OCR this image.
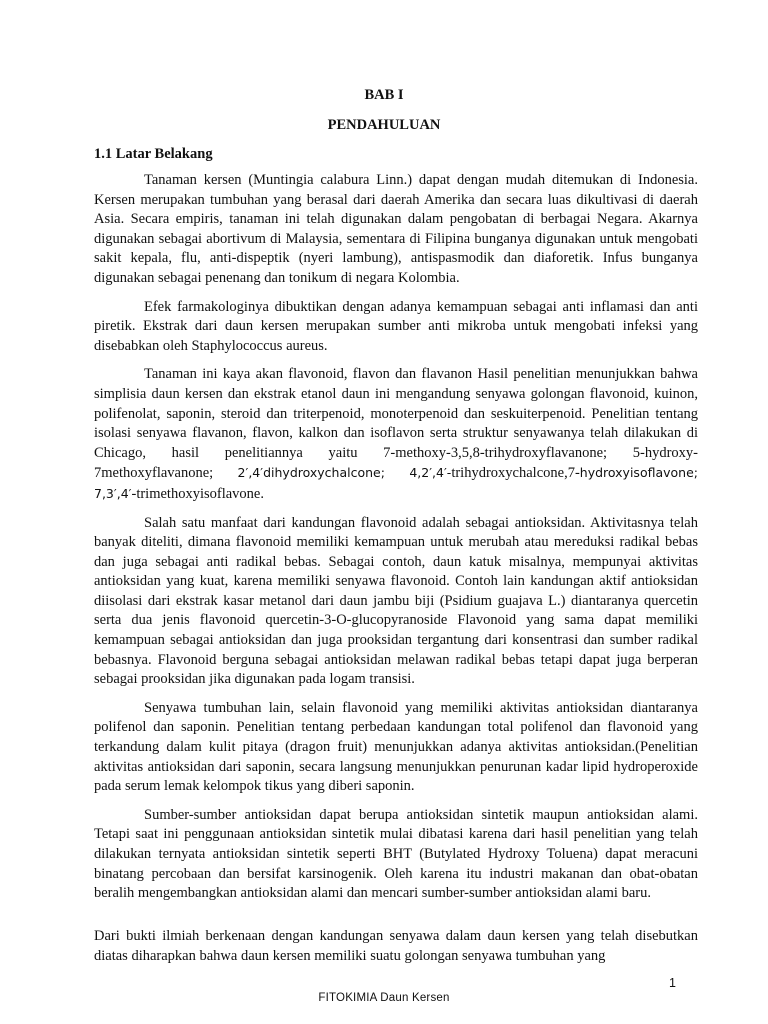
BAB I
PENDAHULUAN
1.1 Latar Belakang

Tanaman kersen (Muntingia calabura Linn.) dapat dengan mudah ditemukan di Indonesia. Kersen merupakan tumbuhan yang berasal dari daerah Amerika dan secara luas dikultivasi di daerah Asia. Secara empiris, tanaman ini telah digunakan dalam pengobatan di berbagai Negara. Akarnya digunakan sebagai abortivum di Malaysia, sementara di Filipina bunganya digunakan untuk mengobati sakit kepala, flu, anti-dispeptik (nyeri lambung), antispasmodik dan diaforetik. Infus bunganya digunakan sebagai penenang dan tonikum di negara Kolombia.

Efek farmakologinya dibuktikan dengan adanya kemampuan sebagai anti inflamasi dan anti piretik. Ekstrak dari daun kersen merupakan sumber anti mikroba untuk mengobati infeksi yang disebabkan oleh Staphylococcus aureus.

Tanaman ini kaya akan flavonoid, flavon dan flavanon Hasil penelitian menunjukkan bahwa simplisia daun kersen dan ekstrak etanol daun ini mengandung senyawa golongan flavonoid, kuinon, polifenolat, saponin, steroid dan triterpenoid, monoterpenoid dan seskuiterpenoid. Penelitian tentang isolasi senyawa flavanon, flavon, kalkon dan isoflavon serta struktur senyawanya telah dilakukan di Chicago, hasil penelitiannya yaitu 7-methoxy-3,5,8-trihydroxyflavanone; 5-hydroxy-7methoxyflavanone; 2′,4′dihydroxychalcone; 4,2′,4′-trihydroxychalcone,7-hydroxyisoflavone; 7,3′,4′-trimethoxyisoflavone.

Salah satu manfaat dari kandungan flavonoid adalah sebagai antioksidan. Aktivitasnya telah banyak diteliti, dimana flavonoid memiliki kemampuan untuk merubah atau mereduksi radikal bebas dan juga sebagai anti radikal bebas. Sebagai contoh, daun katuk misalnya, mempunyai aktivitas antioksidan yang kuat, karena memiliki senyawa flavonoid. Contoh lain kandungan aktif antioksidan diisolasi dari ekstrak kasar metanol dari daun jambu biji (Psidium guajava L.) diantaranya quercetin serta dua jenis flavonoid quercetin-3-O-glucopyranoside Flavonoid yang sama dapat memiliki kemampuan sebagai antioksidan dan juga prooksidan tergantung dari konsentrasi dan sumber radikal bebasnya. Flavonoid berguna sebagai antioksidan melawan radikal bebas tetapi dapat juga berperan sebagai prooksidan jika digunakan pada logam transisi.

Senyawa tumbuhan lain, selain flavonoid yang memiliki aktivitas antioksidan diantaranya polifenol dan saponin. Penelitian tentang perbedaan kandungan total polifenol dan flavonoid yang terkandung dalam kulit pitaya (dragon fruit) menunjukkan adanya aktivitas antioksidan.(Penelitian aktivitas antioksidan dari saponin, secara langsung menunjukkan penurunan kadar lipid hydroperoxide pada serum lemak kelompok tikus yang diberi saponin.

Sumber-sumber antioksidan dapat berupa antioksidan sintetik maupun antioksidan alami. Tetapi saat ini penggunaan antioksidan sintetik mulai dibatasi karena dari hasil penelitian yang telah dilakukan ternyata antioksidan sintetik seperti BHT (Butylated Hydroxy Toluena) dapat meracuni binatang percobaan dan bersifat karsinogenik. Oleh karena itu industri makanan dan obat-obatan beralih mengembangkan antioksidan alami dan mencari sumber-sumber antioksidan alami baru.

Dari bukti ilmiah berkenaan dengan kandungan senyawa dalam daun kersen yang telah disebutkan diatas diharapkan bahwa daun kersen memiliki suatu golongan senyawa tumbuhan yang

1
FITOKIMIA Daun Kersen
